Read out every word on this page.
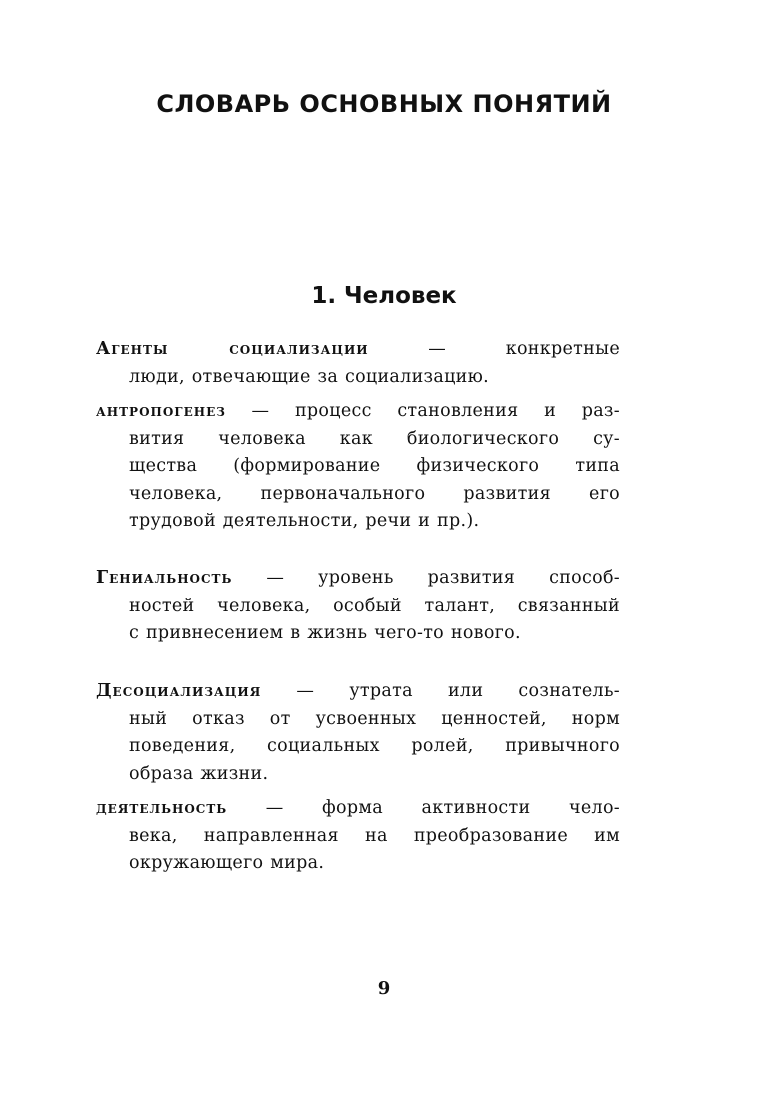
СЛОВАРЬ ОСНОВНЫХ ПОНЯТИЙ
1. Человек
Агенты социализации — конкретные
люди, отвечающие за социализацию.
антропогенез — процесс становления и раз-
вития человека как биологического су-
щества (формирование физического типа
человека, первоначального развития его
трудовой деятельности, речи и пр.).
Гениальность — уровень развития способ-
ностей человека, особый талант, связанный
с привнесением в жизнь чего-то нового.
Десоциализация — утрата или сознатель-
ный отказ от усвоенных ценностей, норм
поведения, социальных ролей, привычного
образа жизни.
деятельность — форма активности чело-
века, направленная на преобразование им
окружающего мира.
9
